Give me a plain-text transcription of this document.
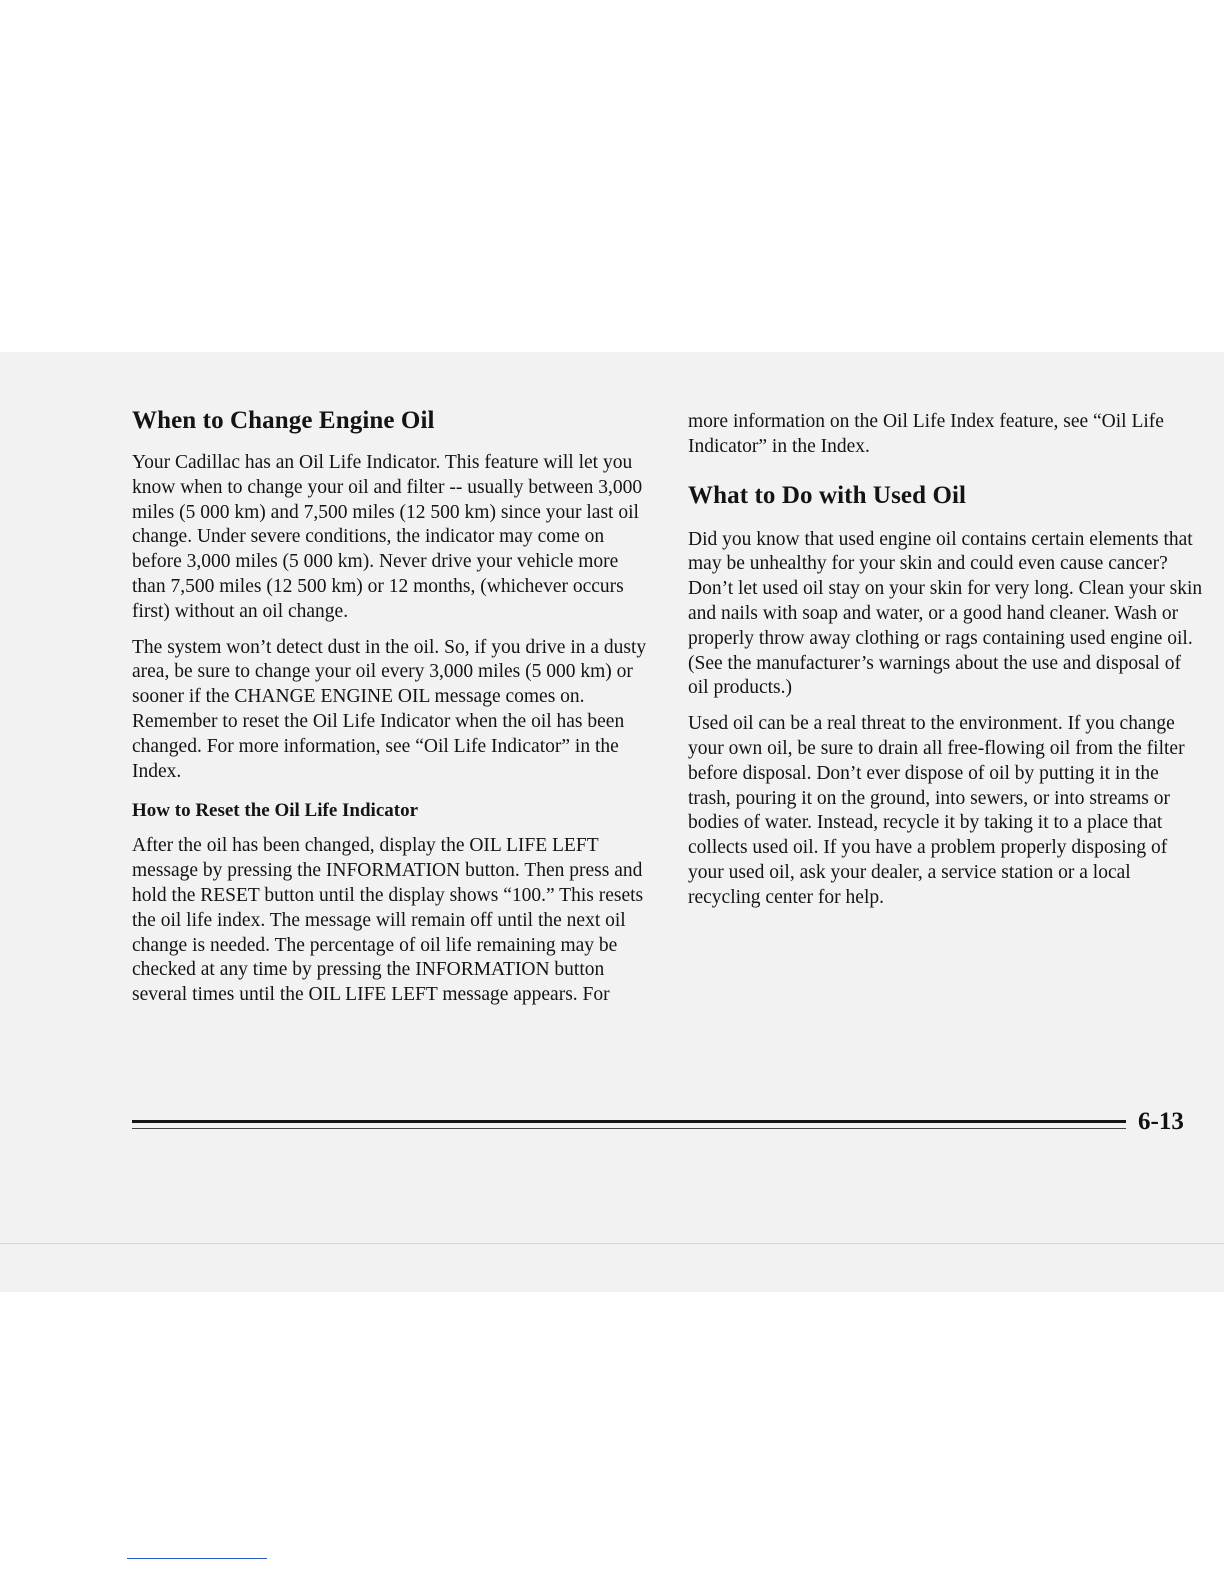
When to Change Engine Oil

Your Cadillac has an Oil Life Indicator. This feature will let you know when to change your oil and filter -- usually between 3,000 miles (5 000 km) and 7,500 miles (12 500 km) since your last oil change. Under severe conditions, the indicator may come on before 3,000 miles (5 000 km). Never drive your vehicle more than 7,500 miles (12 500 km) or 12 months, (whichever occurs first) without an oil change.

The system won’t detect dust in the oil. So, if you drive in a dusty area, be sure to change your oil every 3,000 miles (5 000 km) or sooner if the CHANGE ENGINE OIL message comes on. Remember to reset the Oil Life Indicator when the oil has been changed. For more information, see “Oil Life Indicator” in the Index.

How to Reset the Oil Life Indicator

After the oil has been changed, display the OIL LIFE LEFT message by pressing the INFORMATION button. Then press and hold the RESET button until the display shows “100.” This resets the oil life index. The message will remain off until the next oil change is needed. The percentage of oil life remaining may be checked at any time by pressing the INFORMATION button several times until the OIL LIFE LEFT message appears. For

more information on the Oil Life Index feature, see “Oil Life Indicator” in the Index.

What to Do with Used Oil

Did you know that used engine oil contains certain elements that may be unhealthy for your skin and could even cause cancer? Don’t let used oil stay on your skin for very long. Clean your skin and nails with soap and water, or a good hand cleaner. Wash or properly throw away clothing or rags containing used engine oil. (See the manufacturer’s warnings about the use and disposal of oil products.)

Used oil can be a real threat to the environment. If you change your own oil, be sure to drain all free-flowing oil from the filter before disposal. Don’t ever dispose of oil by putting it in the trash, pouring it on the ground, into sewers, or into streams or bodies of water. Instead, recycle it by taking it to a place that collects used oil. If you have a problem properly disposing of your used oil, ask your dealer, a service station or a local recycling center for help.

6-13
